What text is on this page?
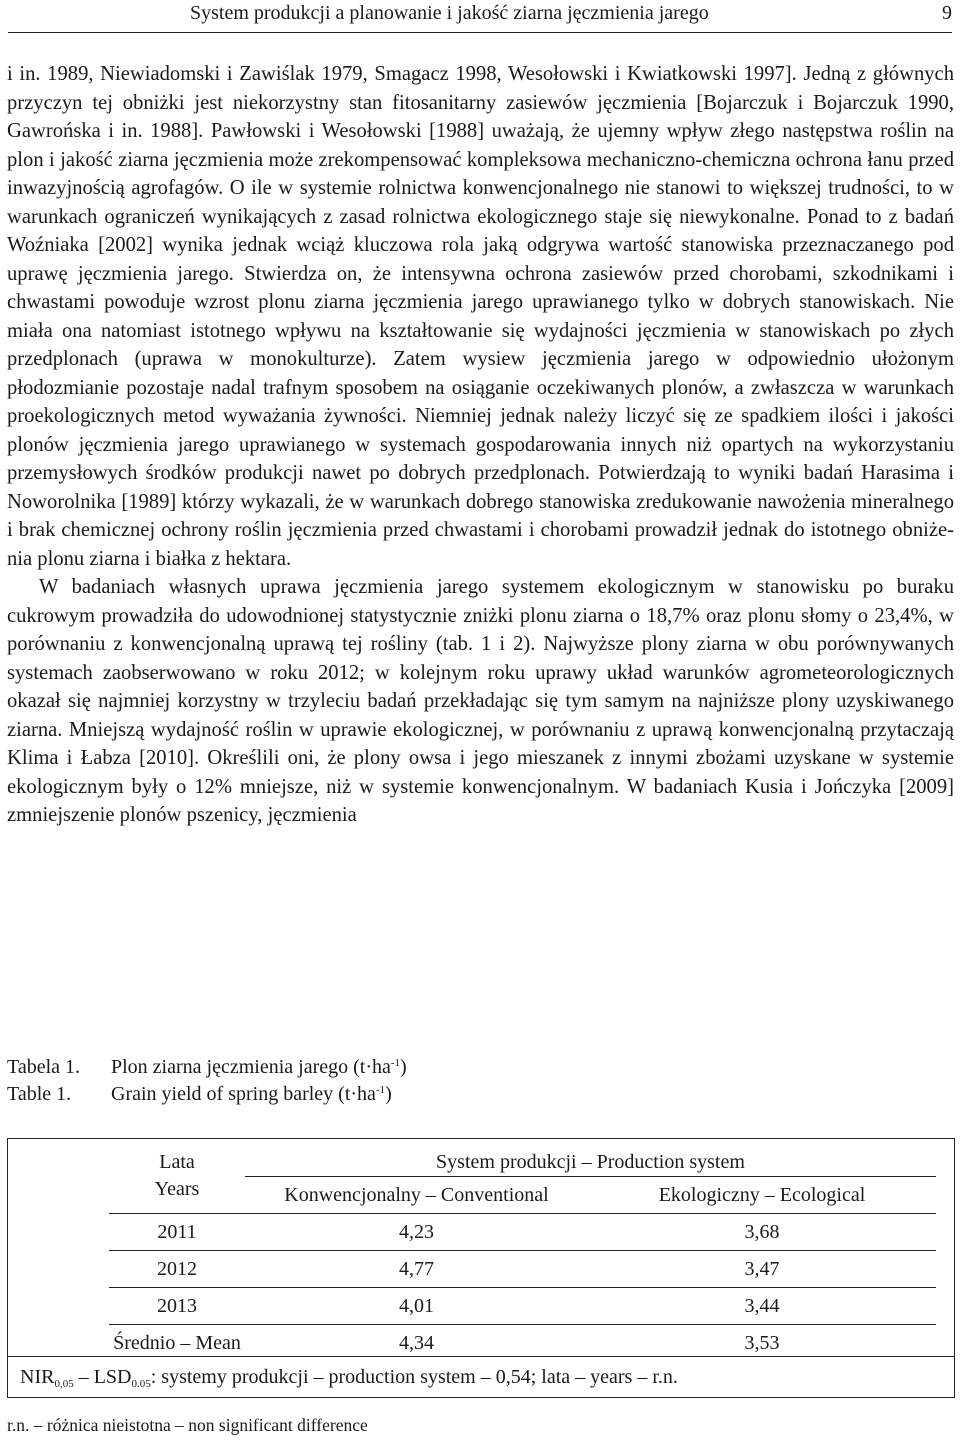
System produkcji a planowanie i jakość ziarna jęczmienia jarego	9

i in. 1989, Niewiadomski i Zawiślak 1979, Smagacz 1998, Wesołowski i Kwiatkowski 1997]. Jedną z głównych przyczyn tej obniżki jest niekorzystny stan fitosanitarny zasiewów jęczmienia [Bojarczuk i Bojarczuk 1990, Gawrońska i in. 1988]. Pawłowski i Wesołowski [1988] uważają, że ujemny wpływ złego następstwa roślin na plon i jakość ziarna jęczmienia może zrekompensować kompleksowa mechaniczno-chemiczna ochrona łanu przed inwazyjnością agrofagów. O ile w systemie rolnictwa konwencjonalnego nie stanowi to większej trudności, to w warunkach ograniczeń wynikających z zasad rolnictwa ekologicznego staje się niewykonalne. Ponad to z badań Woźniaka [2002] wynika jednak wciąż kluczowa rola jaką odgrywa wartość stanowiska przeznaczanego pod uprawę jęczmienia jarego. Stwierdza on, że intensywna ochrona zasiewów przed chorobami, szkodnikami i chwastami powoduje wzrost plonu ziarna jęczmienia jarego uprawianego tylko w dobrych stanowiskach. Nie miała ona natomiast istotnego wpływu na kształtowanie się wydajności jęczmienia w stanowiskach po złych przedplonach (uprawa w monokulturze). Zatem wysiew jęczmienia jarego w odpowiednio ułożonym płodozmianie pozostaje nadal trafnym sposobem na osiąganie oczekiwanych plonów, a zwłaszcza w warunkach proekologicznych metod wyważania żywności. Niemniej jednak należy liczyć się ze spadkiem ilości i jakości plonów jęczmienia jarego uprawianego w systemach gospodarowania innych niż opartych na wykorzystaniu przemysłowych środków produkcji nawet po dobrych przedplonach. Potwierdzają to wyniki badań Harasima i Noworolnika [1989] którzy wykazali, że w warunkach dobrego stanowiska zredukowanie nawożenia mineralnego i brak chemicznej ochrony roślin jęczmienia przed chwastami i chorobami prowadził jednak do istotnego obniżenia plonu ziarna i białka z hektara.

W badaniach własnych uprawa jęczmienia jarego systemem ekologicznym w stanowisku po buraku cukrowym prowadziła do udowodnionej statystycznie zniżki plonu ziarna o 18,7% oraz plonu słomy o 23,4%, w porównaniu z konwencjonalną uprawą tej rośliny (tab. 1 i 2). Najwyższe plony ziarna w obu porównywanych systemach zaobserwowano w roku 2012; w kolejnym roku uprawy układ warunków agrometeorologicznych okazał się najmniej korzystny w trzyleciu badań przekładając się tym samym na najniższe plony uzyskiwanego ziarna. Mniejszą wydajność roślin w uprawie ekologicznej, w porównaniu z uprawą konwencjonalną przytaczają Klima i Łabza [2010]. Określili oni, że plony owsa i jego mieszanek z innymi zbożami uzyskane w systemie ekologicznym były o 12% mniejsze, niż w systemie konwencjonalnym. W badaniach Kusia i Jończyka [2009] zmniejszenie plonów pszenicy, jęczmienia

Tabela 1. Plon ziarna jęczmienia jarego $(t\cdot ha^{-1})$
Table 1. Grain yield of spring barley $(t\cdot ha^{-1})$
Lata
Years	System produkcji – Production system	
	Konwencjonalny – Conventional	Ekologiczny – Ecological
2011	4,23	3,68
2012	4,77	3,47
2013	4,01	3,44
Średnio – Mean	4,34	3,53
$NIR_{0,05} - LSD_{0.05}$: systemy produkcji – production system – 0,54; lata – years – r.n.
r.n. – różnica nieistotna – non significant difference
